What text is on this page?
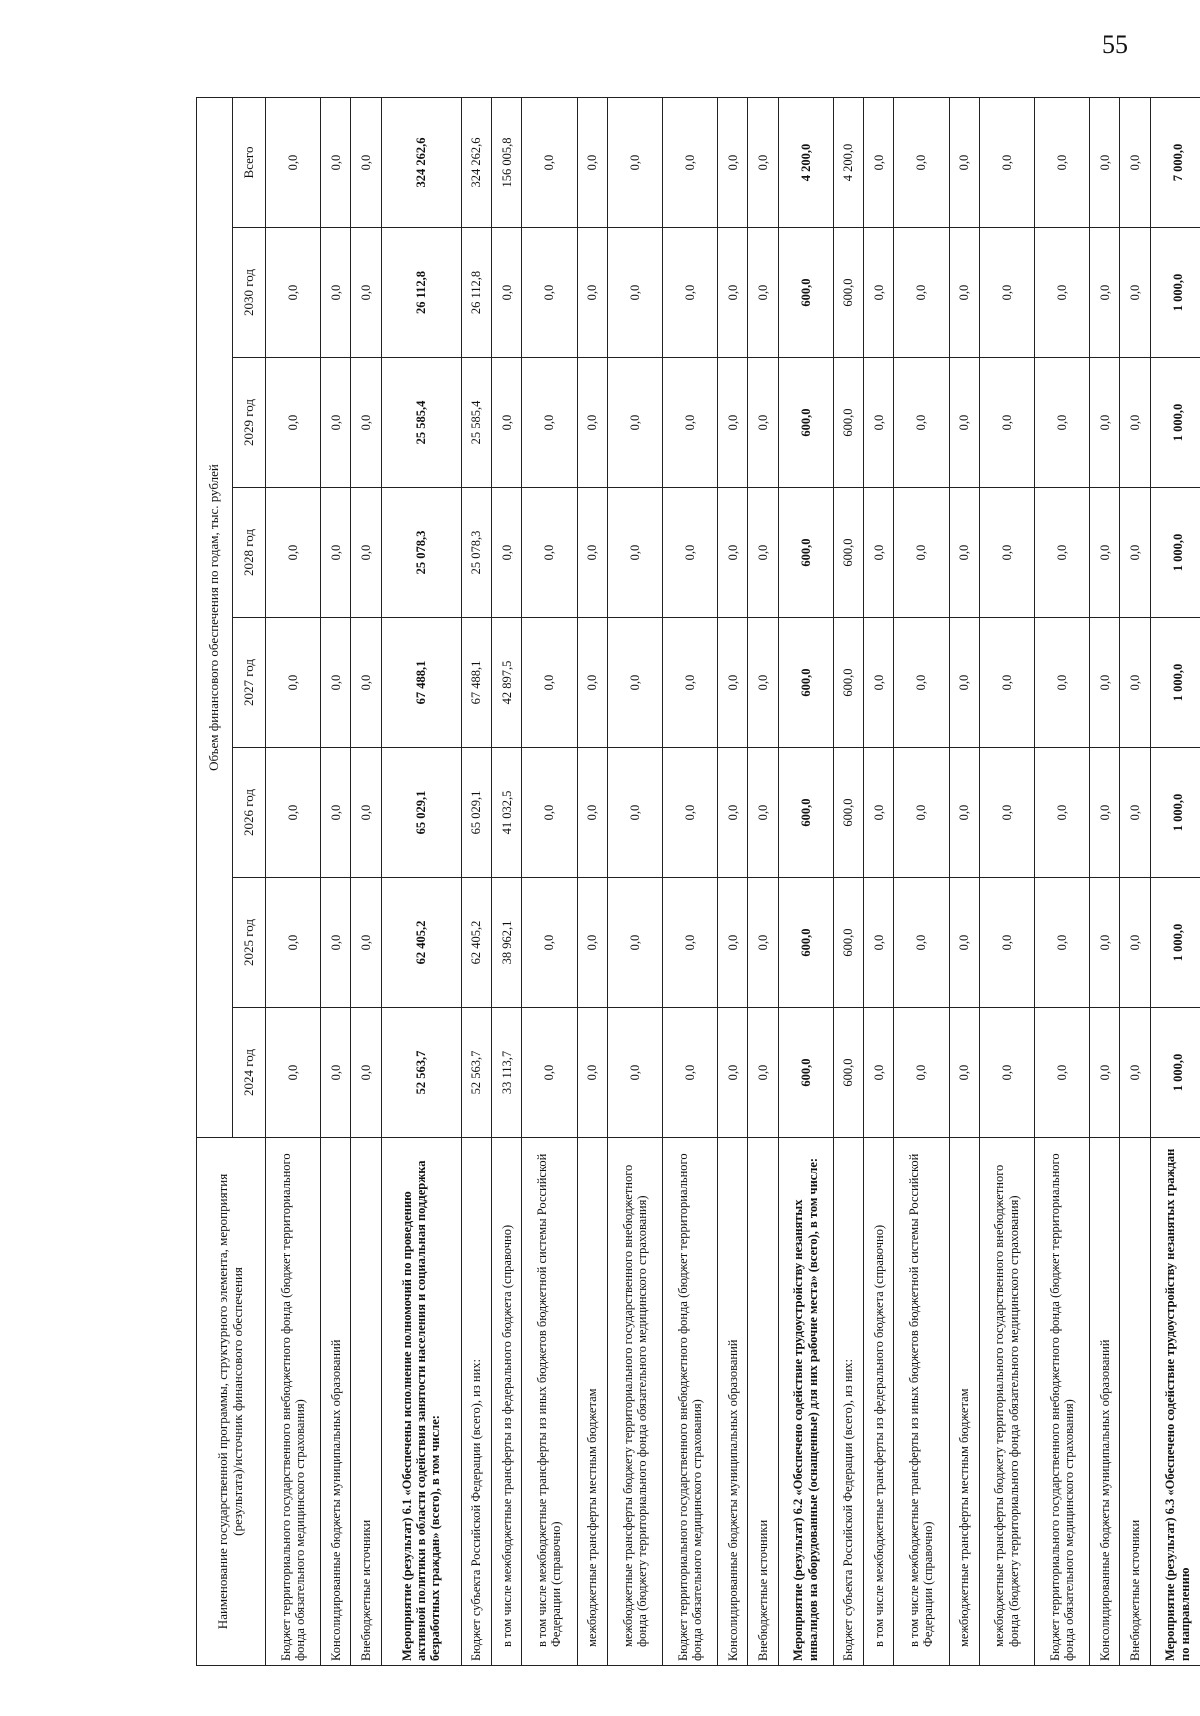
55
Наименование государственной программы, структурного элемента, мероприятия (результата)/источник финансового обеспечения	Объем финансового обеспечения по годам, тыс. рублей							
	2024 год	2025 год	2026 год	2027 год	2028 год	2029 год	2030 год	Всего
Бюджет территориального государственного внебюджетного фонда (бюджет территориального фонда обязательного медицинского страхования)	0,0	0,0	0,0	0,0	0,0	0,0	0,0	0,0
Консолидированные бюджеты муниципальных образований	0,0	0,0	0,0	0,0	0,0	0,0	0,0	0,0
Внебюджетные источники	0,0	0,0	0,0	0,0	0,0	0,0	0,0	0,0
Мероприятие (результат) 6.1 «Обеспечены исполнение полномочий по проведению активной политики в области содействия занятости населения и социальная поддержка безработных граждан» (всего), в том числе:	52 563,7	62 405,2	65 029,1	67 488,1	25 078,3	25 585,4	26 112,8	324 262,6
Бюджет субъекта Российской Федерации (всего), из них:	52 563,7	62 405,2	65 029,1	67 488,1	25 078,3	25 585,4	26 112,8	324 262,6
в том числе межбюджетные трансферты из федерального бюджета (справочно)	33 113,7	38 962,1	41 032,5	42 897,5	0,0	0,0	0,0	156 005,8
в том числе межбюджетные трансферты из иных бюджетов бюджетной системы Российской Федерации (справочно)	0,0	0,0	0,0	0,0	0,0	0,0	0,0	0,0
межбюджетные трансферты местным бюджетам	0,0	0,0	0,0	0,0	0,0	0,0	0,0	0,0
межбюджетные трансферты бюджету территориального государственного внебюджетного фонда (бюджету территориального фонда обязательного медицинского страхования)	0,0	0,0	0,0	0,0	0,0	0,0	0,0	0,0
Бюджет территориального государственного внебюджетного фонда (бюджет территориального фонда обязательного медицинского страхования)	0,0	0,0	0,0	0,0	0,0	0,0	0,0	0,0
Консолидированные бюджеты муниципальных образований	0,0	0,0	0,0	0,0	0,0	0,0	0,0	0,0
Внебюджетные источники	0,0	0,0	0,0	0,0	0,0	0,0	0,0	0,0
Мероприятие (результат) 6.2 «Обеспечено содействие трудоустройству незанятых инвалидов на оборудованные (оснащенные) для них рабочие места» (всего), в том числе:	600,0	600,0	600,0	600,0	600,0	600,0	600,0	4 200,0
Бюджет субъекта Российской Федерации (всего), из них:	600,0	600,0	600,0	600,0	600,0	600,0	600,0	4 200,0
в том числе межбюджетные трансферты из федерального бюджета (справочно)	0,0	0,0	0,0	0,0	0,0	0,0	0,0	0,0
в том числе межбюджетные трансферты из иных бюджетов бюджетной системы Российской Федерации (справочно)	0,0	0,0	0,0	0,0	0,0	0,0	0,0	0,0
межбюджетные трансферты местным бюджетам	0,0	0,0	0,0	0,0	0,0	0,0	0,0	0,0
межбюджетные трансферты бюджету территориального государственного внебюджетного фонда (бюджету территориального фонда обязательного медицинского страхования)	0,0	0,0	0,0	0,0	0,0	0,0	0,0	0,0
Бюджет территориального государственного внебюджетного фонда (бюджет территориального фонда обязательного медицинского страхования)	0,0	0,0	0,0	0,0	0,0	0,0	0,0	0,0
Консолидированные бюджеты муниципальных образований	0,0	0,0	0,0	0,0	0,0	0,0	0,0	0,0
Внебюджетные источники	0,0	0,0	0,0	0,0	0,0	0,0	0,0	0,0
Мероприятие (результат) 6.3 «Обеспечено содействие трудоустройству незанятых граждан по направлению	1 000,0	1 000,0	1 000,0	1 000,0	1 000,0	1 000,0	1 000,0	7 000,0
